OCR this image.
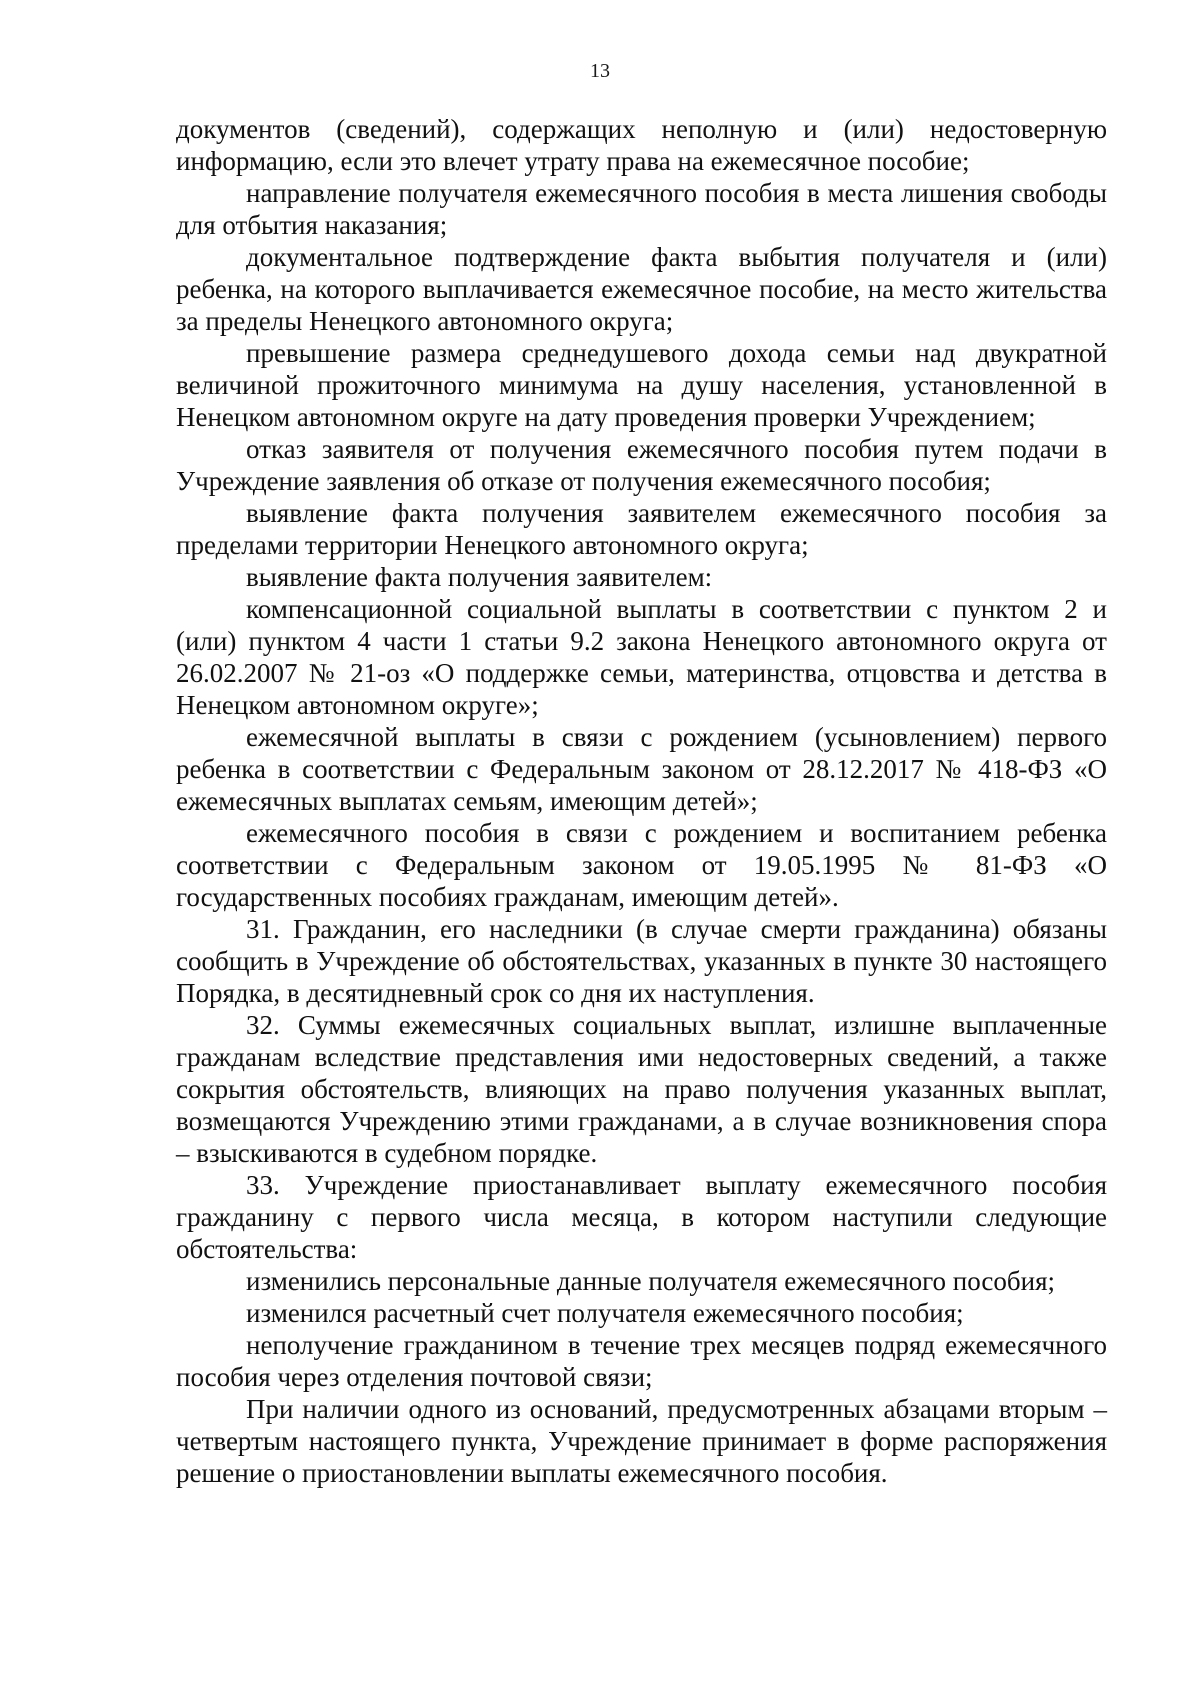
13

документов (сведений), содержащих неполную и (или) недостоверную информацию, если это влечет утрату права на ежемесячное пособие;

направление получателя ежемесячного пособия в места лишения свободы для отбытия наказания;

документальное подтверждение факта выбытия получателя и (или) ребенка, на которого выплачивается ежемесячное пособие, на место жительства за пределы Ненецкого автономного округа;

превышение размера среднедушевого дохода семьи над двукратной величиной прожиточного минимума на душу населения, установленной в Ненецком автономном округе на дату проведения проверки Учреждением;

отказ заявителя от получения ежемесячного пособия путем подачи в Учреждение заявления об отказе от получения ежемесячного пособия;

выявление факта получения заявителем ежемесячного пособия за пределами территории Ненецкого автономного округа;

выявление факта получения заявителем:

компенсационной социальной выплаты в соответствии с пунктом 2 и (или) пунктом 4 части 1 статьи 9.2 закона Ненецкого автономного округа от 26.02.2007 № 21-оз «О поддержке семьи, материнства, отцовства и детства в Ненецком автономном округе»;

ежемесячной выплаты в связи с рождением (усыновлением) первого ребенка в соответствии с Федеральным законом от 28.12.2017 № 418-ФЗ «О ежемесячных выплатах семьям, имеющим детей»;

ежемесячного пособия в связи с рождением и воспитанием ребенка соответствии с Федеральным законом от 19.05.1995 № 81-ФЗ «О государственных пособиях гражданам, имеющим детей».

31. Гражданин, его наследники (в случае смерти гражданина) обязаны сообщить в Учреждение об обстоятельствах, указанных в пункте 30 настоящего Порядка, в десятидневный срок со дня их наступления.

32. Суммы ежемесячных социальных выплат, излишне выплаченные гражданам вследствие представления ими недостоверных сведений, а также сокрытия обстоятельств, влияющих на право получения указанных выплат, возмещаются Учреждению этими гражданами, а в случае возникновения спора – взыскиваются в судебном порядке.

33. Учреждение приостанавливает выплату ежемесячного пособия гражданину с первого числа месяца, в котором наступили следующие обстоятельства:

изменились персональные данные получателя ежемесячного пособия;

изменился расчетный счет получателя ежемесячного пособия;

неполучение гражданином в течение трех месяцев подряд ежемесячного пособия через отделения почтовой связи;

При наличии одного из оснований, предусмотренных абзацами вторым – четвертым настоящего пункта, Учреждение принимает в форме распоряжения решение о приостановлении выплаты ежемесячного пособия.
